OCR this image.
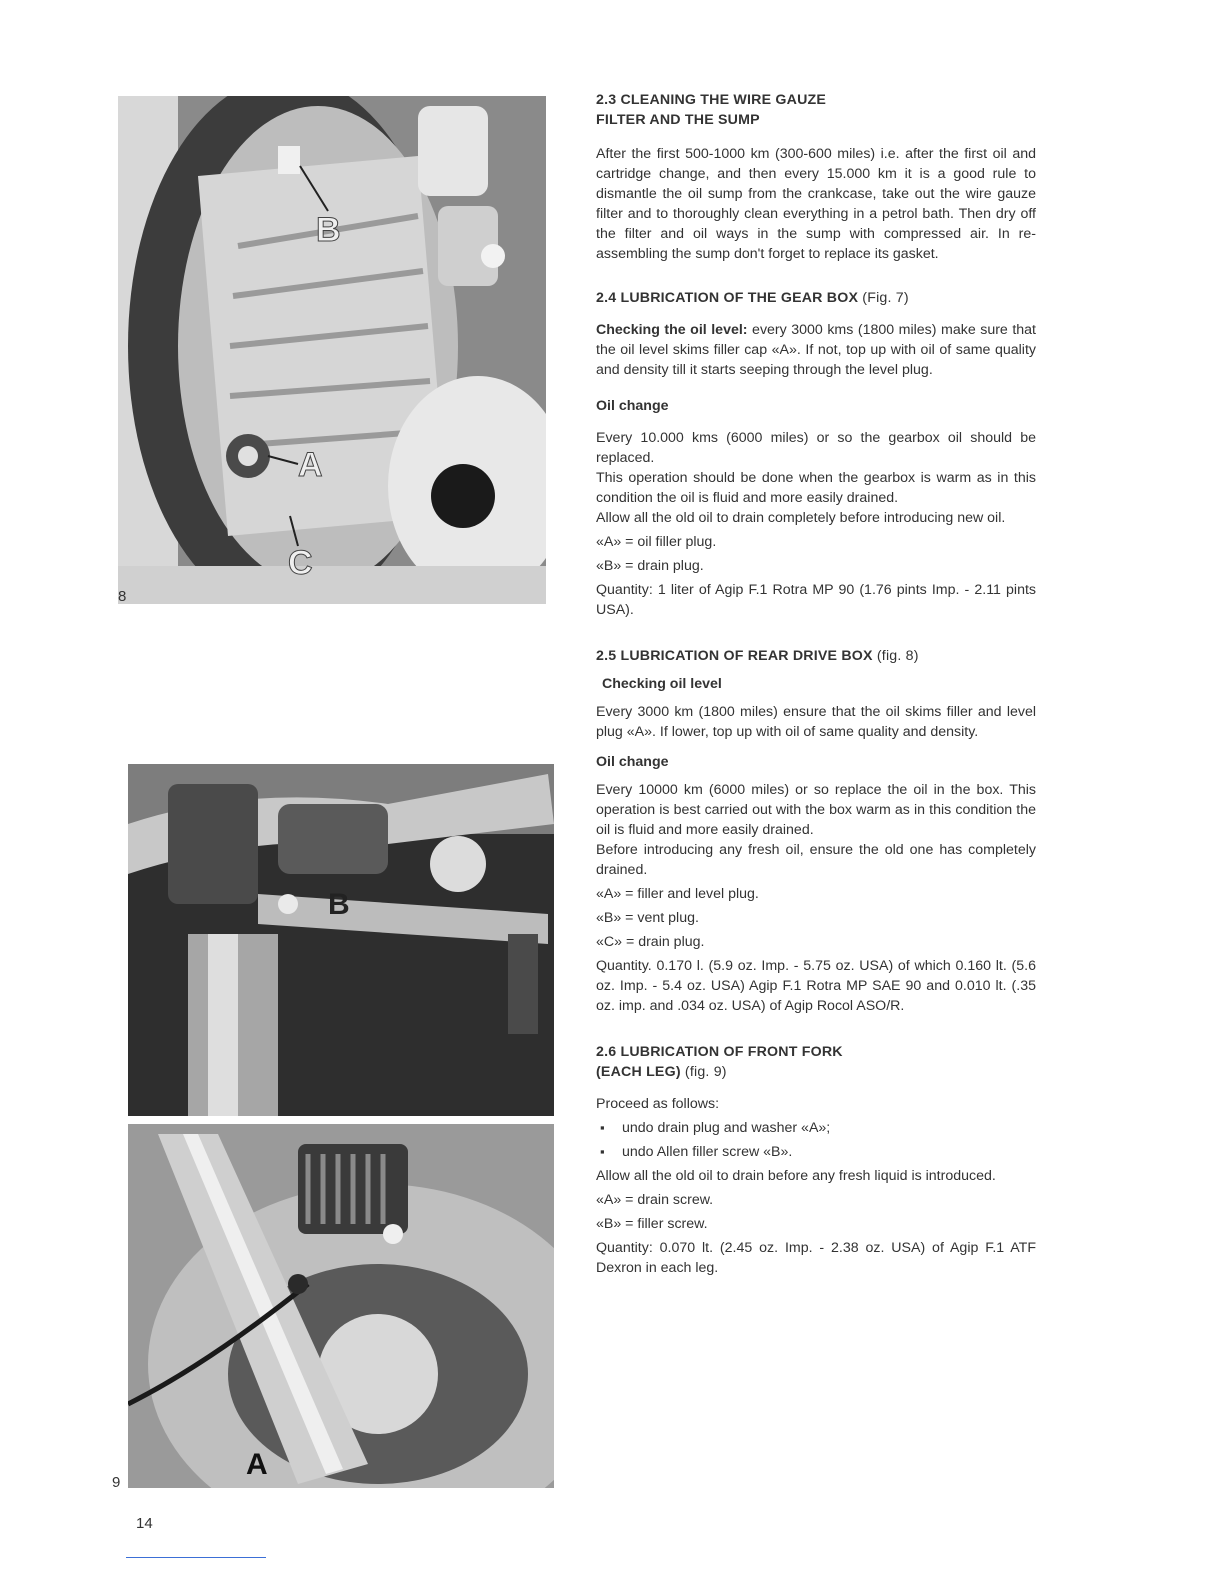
B
A
C
8
B
A
9
2.3 CLEANING THE WIRE GAUZE
FILTER AND THE SUMP

After the first 500-1000 km (300-600 miles) i.e. after the first oil and cartridge change, and then every 15.000 km it is a good rule to dismantle the oil sump from the crankcase, take out the wire gauze filter and to thoroughly clean everything in a petrol bath. Then dry off the filter and oil ways in the sump with compressed air. In re-assembling the sump don't forget to replace its gasket.

2.4 LUBRICATION OF THE GEAR BOX (Fig. 7)

Checking the oil level: every 3000 kms (1800 miles) make sure that the oil level skims filler cap «A». If not, top up with oil of same quality and density till it starts seeping through the level plug.

Oil change

Every 10.000 kms (6000 miles) or so the gearbox oil should be replaced.

This operation should be done when the gearbox is warm as in this condition the oil is fluid and more easily drained.

Allow all the old oil to drain completely before introducing new oil.

«A» = oil filler plug.

«B» = drain plug.

Quantity: 1 liter of Agip F.1 Rotra MP 90 (1.76 pints Imp. - 2.11 pints USA).

2.5 LUBRICATION OF REAR DRIVE BOX (fig. 8)
Checking oil level

Every 3000 km (1800 miles) ensure that the oil skims filler and level plug «A». If lower, top up with oil of same quality and density.

Oil change

Every 10000 km (6000 miles) or so replace the oil in the box. This operation is best carried out with the box warm as in this condition the oil is fluid and more easily drained.

Before introducing any fresh oil, ensure the old one has completely drained.

«A» = filler and level plug.

«B» = vent plug.

«C» = drain plug.

Quantity. 0.170 l. (5.9 oz. Imp. - 5.75 oz. USA) of which 0.160 lt. (5.6 oz. Imp. - 5.4 oz. USA) Agip F.1 Rotra MP SAE 90 and 0.010 lt. (.35 oz. imp. and .034 oz. USA) of Agip Rocol ASO/R.

2.6 LUBRICATION OF FRONT FORK
(EACH LEG) (fig. 9)

Proceed as follows:

▪ undo drain plug and washer «A»;

▪ undo Allen filler screw «B».

Allow all the old oil to drain before any fresh liquid is introduced.

«A» = drain screw.

«B» = filler screw.

Quantity: 0.070 lt. (2.45 oz. Imp. - 2.38 oz. USA) of Agip F.1 ATF Dexron in each leg.

14
